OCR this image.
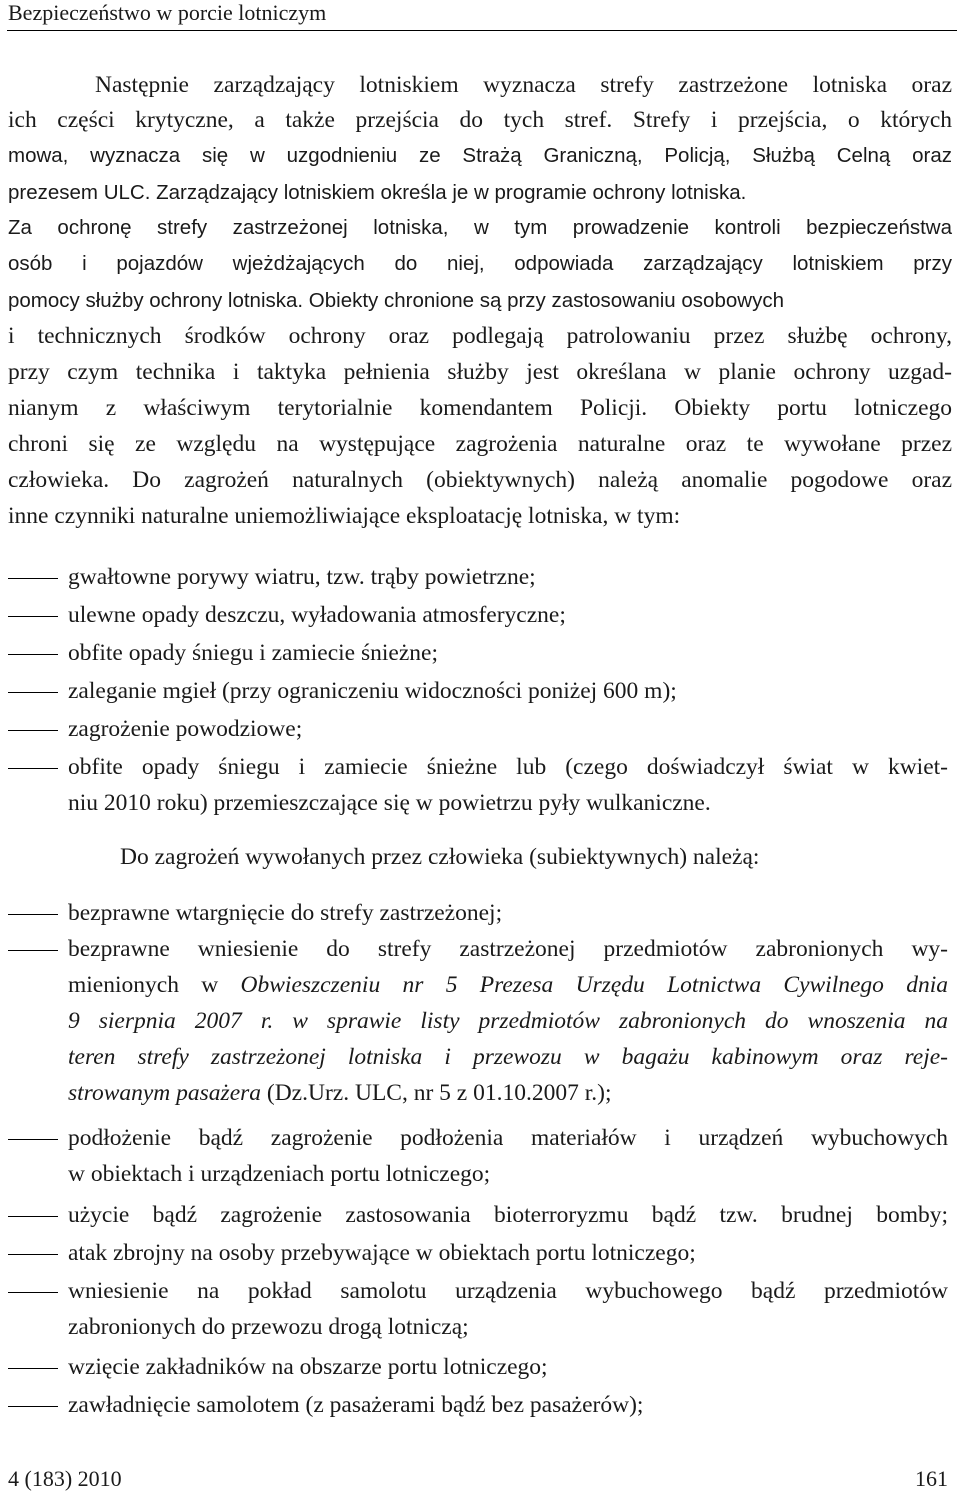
Bezpieczeństwo w porcie lotniczym
Następnie zarządzający lotniskiem wyznacza strefy zastrzeżone lotniska oraz
ich części krytyczne, a także przejścia do tych stref. Strefy i przejścia, o których
mowa, wyznacza się w uzgodnieniu ze Strażą Graniczną, Policją, Służbą Celną oraz
prezesem ULC. Zarządzający lotniskiem określa je w programie ochrony lotniska.
Za ochronę strefy zastrzeżonej lotniska, w tym prowadzenie kontroli bezpieczeństwa
osób i pojazdów wjeżdżających do niej, odpowiada zarządzający lotniskiem przy
pomocy służby ochrony lotniska. Obiekty chronione są przy zastosowaniu osobowych
i technicznych środków ochrony oraz podlegają patrolowaniu przez służbę ochrony,
przy czym technika i taktyka pełnienia służby jest określana w planie ochrony uzgad-
nianym z właściwym terytorialnie komendantem Policji. Obiekty portu lotniczego
chroni się ze względu na występujące zagrożenia naturalne oraz te wywołane przez
człowieka. Do zagrożeń naturalnych (obiektywnych) należą anomalie pogodowe oraz
inne czynniki naturalne uniemożliwiające eksploatację lotniska, w tym:
gwałtowne porywy wiatru, tzw. trąby powietrzne;
ulewne opady deszczu, wyładowania atmosferyczne;
obfite opady śniegu i zamiecie śnieżne;
zaleganie mgieł (przy ograniczeniu widoczności poniżej 600 m);
zagrożenie powodziowe;
obfite opady śniegu i zamiecie śnieżne lub (czego doświadczył świat w kwiet-
niu 2010 roku) przemieszczające się w powietrzu pyły wulkaniczne.
Do zagrożeń wywołanych przez człowieka (subiektywnych) należą:
bezprawne wtargnięcie do strefy zastrzeżonej;
bezprawne wniesienie do strefy zastrzeżonej przedmiotów zabronionych wy-
mienionych w Obwieszczeniu nr 5 Prezesa Urzędu Lotnictwa Cywilnego dnia
9 sierpnia 2007 r. w sprawie listy przedmiotów zabronionych do wnoszenia na
teren strefy zastrzeżonej lotniska i przewozu w bagażu kabinowym oraz reje-
strowanym pasażera (Dz.Urz. ULC, nr 5 z 01.10.2007 r.);
podłożenie bądź zagrożenie podłożenia materiałów i urządzeń wybuchowych
w obiektach i urządzeniach portu lotniczego;
użycie bądź zagrożenie zastosowania bioterroryzmu bądź tzw. brudnej bomby;
atak zbrojny na osoby przebywające w obiektach portu lotniczego;
wniesienie na pokład samolotu urządzenia wybuchowego bądź przedmiotów
zabronionych do przewozu drogą lotniczą;
wzięcie zakładników na obszarze portu lotniczego;
zawładnięcie samolotem (z pasażerami bądź bez pasażerów);
4 (183) 2010	161
